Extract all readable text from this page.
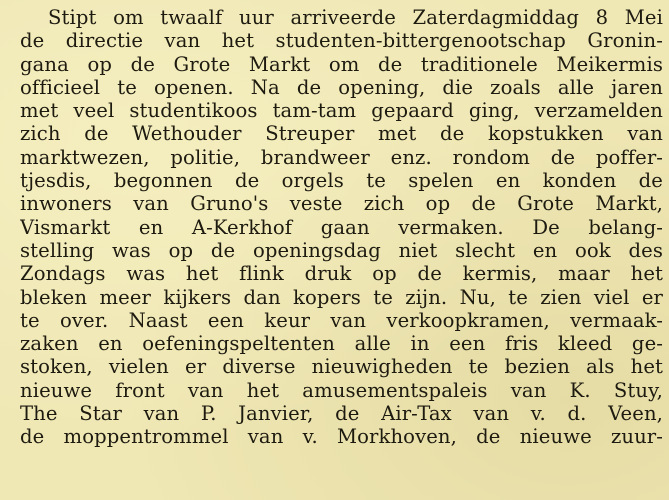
Stipt om twaalf uur arriveerde Zaterdagmiddag 8 Mei
de directie van het studenten-bittergenootschap Gronin-
gana op de Grote Markt om de traditionele Meikermis
officieel te openen. Na de opening, die zoals alle jaren
met veel studentikoos tam-tam gepaard ging, verzamelden
zich de Wethouder Streuper met de kopstukken van
marktwezen, politie, brandweer enz. rondom de poffer-
tjesdis, begonnen de orgels te spelen en konden de
inwoners van Gruno's veste zich op de Grote Markt,
Vismarkt en A-Kerkhof gaan vermaken. De belang-
stelling was op de openingsdag niet slecht en ook des
Zondags was het flink druk op de kermis, maar het
bleken meer kijkers dan kopers te zijn. Nu, te zien viel er
te over. Naast een keur van verkoopkramen, vermaak-
zaken en oefeningspeltenten alle in een fris kleed ge-
stoken, vielen er diverse nieuwigheden te bezien als het
nieuwe front van het amusementspaleis van K. Stuy,
The Star van P. Janvier, de Air-Tax van v. d. Veen,
de moppentrommel van v. Morkhoven, de nieuwe zuur-
